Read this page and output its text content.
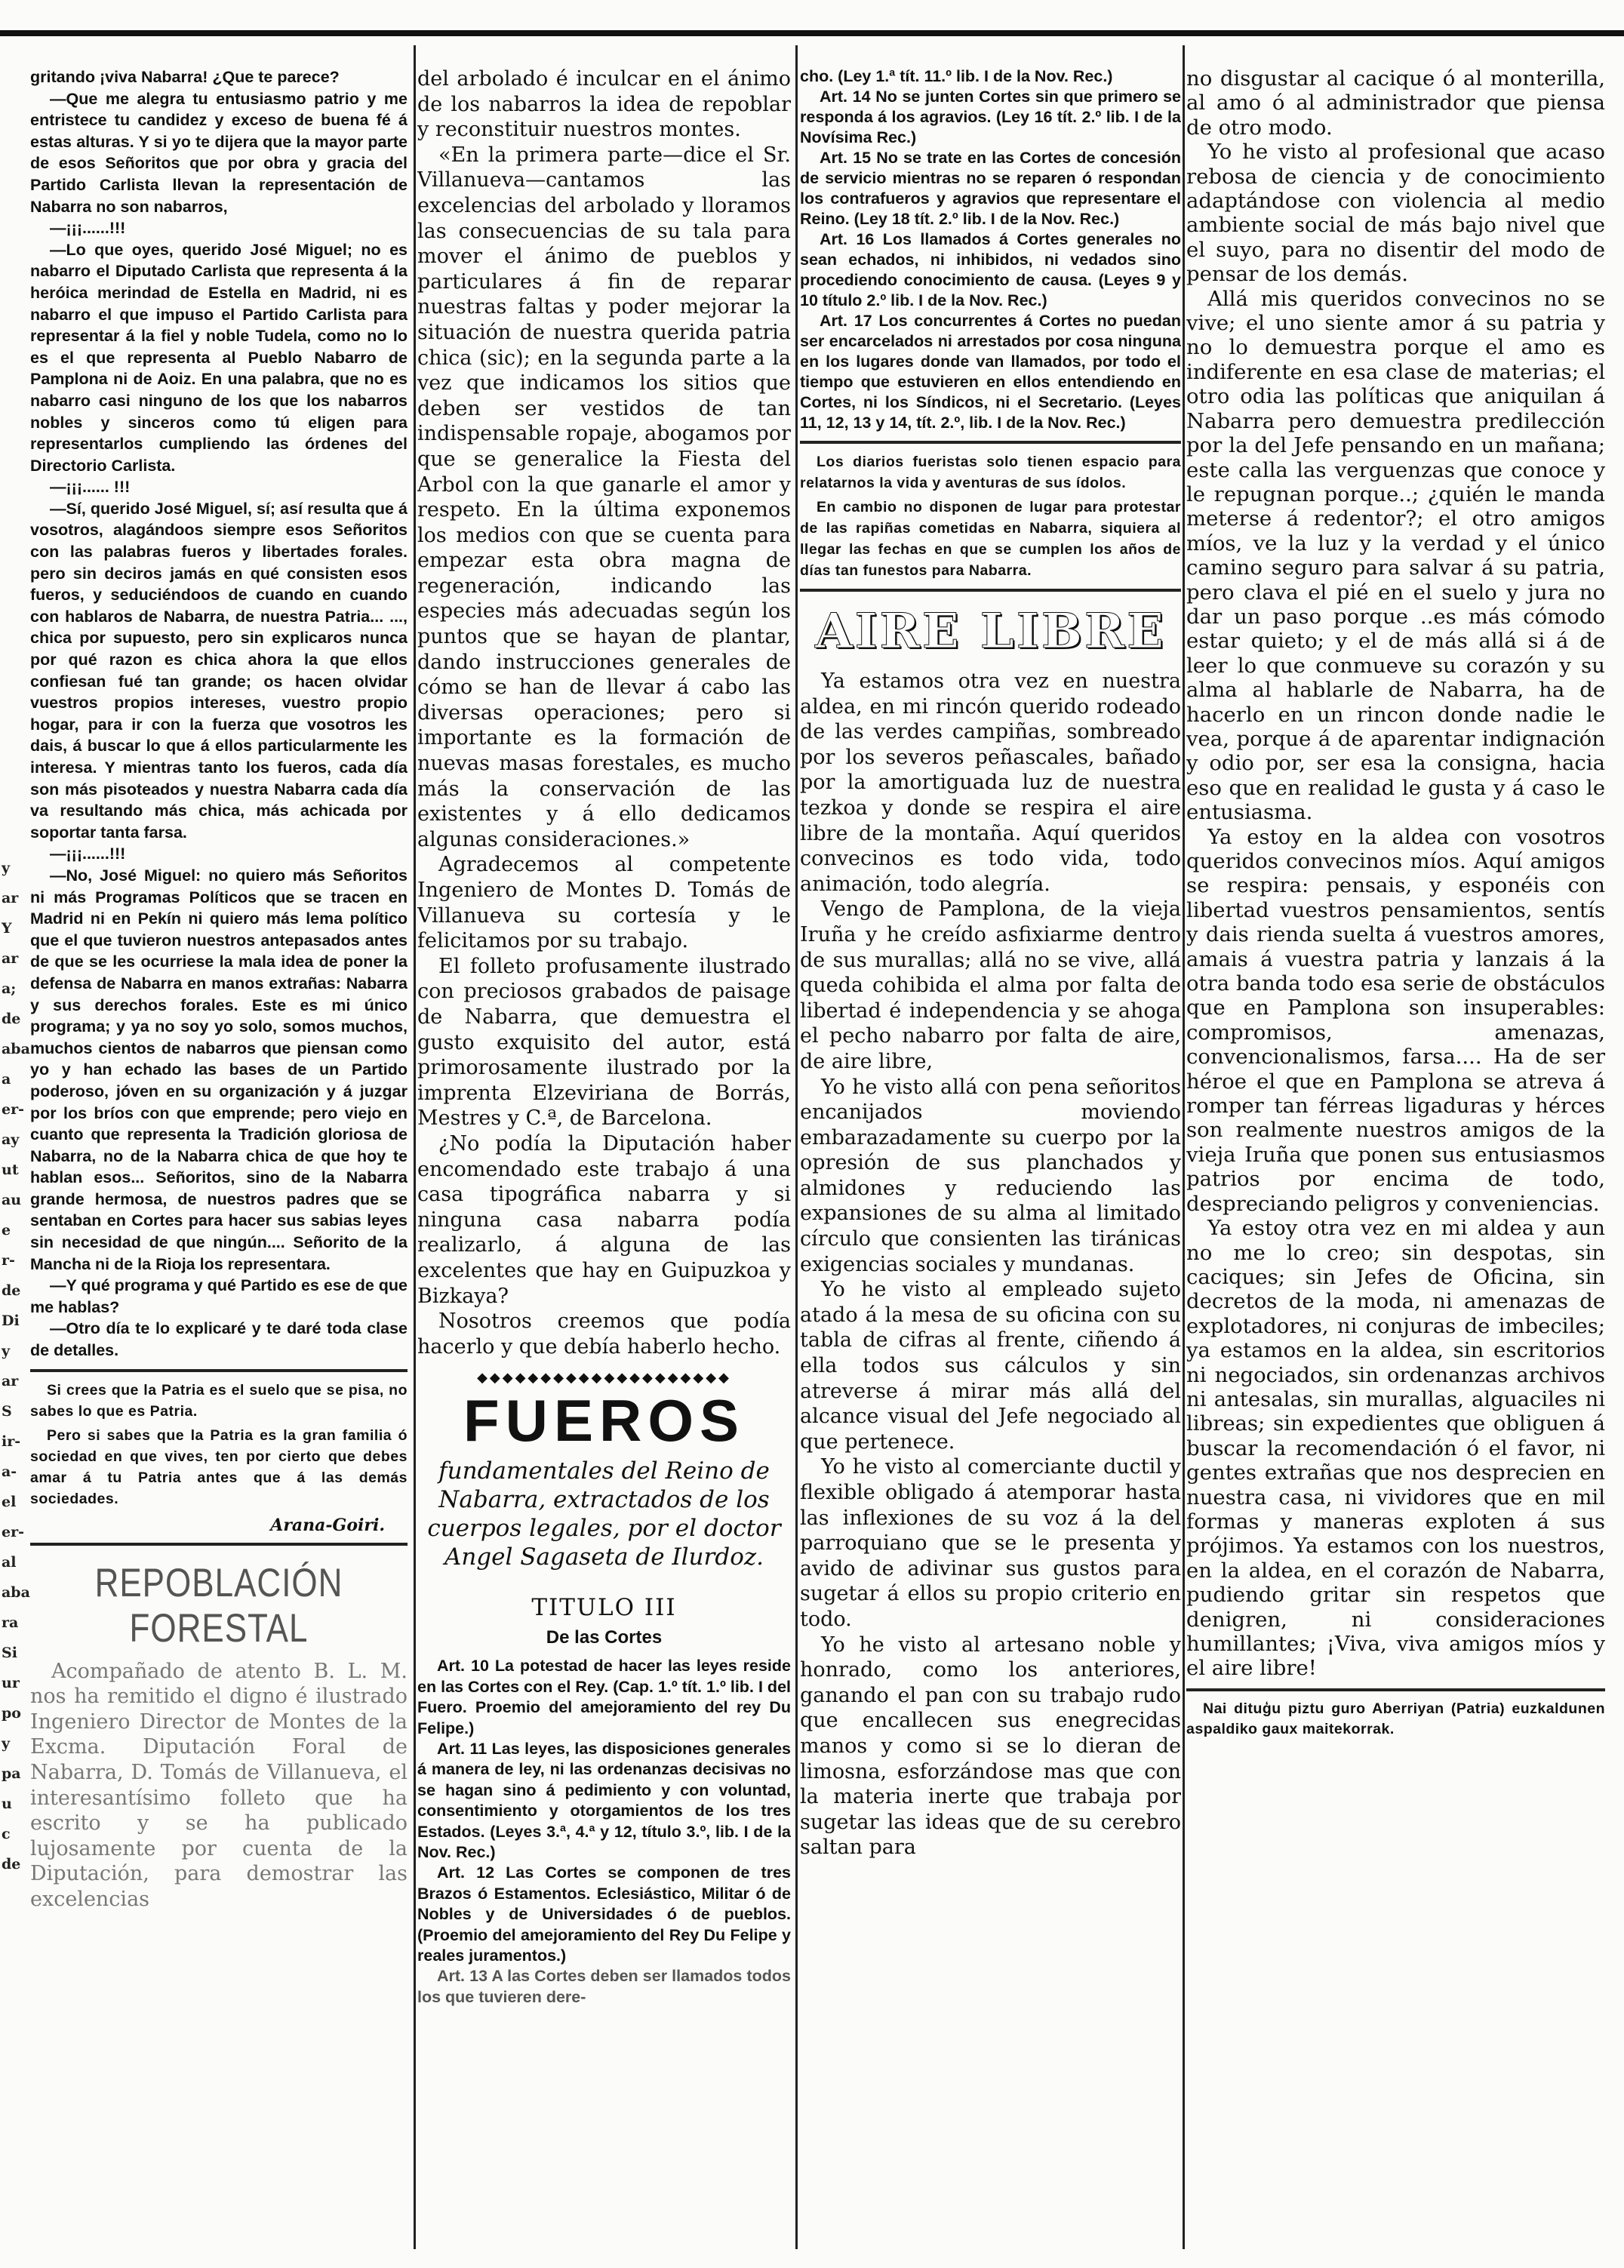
y
ar
Y
ar
a;
de
aba
a
er-
ay
ut
au
e
r-
de
Di
y
ar
S
ir-
a-
el
er-
al
aba
ra
Si
ur
po
y
pa
u
c
de

gritando ¡viva Nabarra! ¿Que te parece?

—Que me alegra tu entusiasmo patrio y me entristece tu candidez y exceso de buena fé á estas alturas. Y si yo te dijera que la mayor parte de esos Señoritos que por obra y gracia del Partido Carlista llevan la representación de Nabarra no son nabarros,

—¡¡¡......!!!

—Lo que oyes, querido José Miguel; no es nabarro el Diputado Carlista que representa á la heróica merindad de Estella en Madrid, ni es nabarro el que impuso el Partido Carlista para representar á la fiel y noble Tudela, como no lo es el que representa al Pueblo Nabarro de Pamplona ni de Aoiz. En una palabra, que no es nabarro casi ninguno de los que los nabarros nobles y sinceros como tú eligen para representarlos cumpliendo las órdenes del Directorio Carlista.

—¡¡¡...... !!!

—Sí, querido José Miguel, sí; así resulta que á vosotros, alagándoos siempre esos Señoritos con las palabras fueros y libertades forales. pero sin deciros jamás en qué consisten esos fueros, y seduciéndoos de cuando en cuando con hablaros de Nabarra, de nuestra Patria... ..., chica por supuesto, pero sin explicaros nunca por qué razon es chica ahora la que ellos confiesan fué tan grande; os hacen olvidar vuestros propios intereses, vuestro propio hogar, para ir con la fuerza que vosotros les dais, á buscar lo que á ellos particularmente les interesa. Y mientras tanto los fueros, cada día son más pisoteados y nuestra Nabarra cada día va resultando más chica, más achicada por soportar tanta farsa.

—¡¡¡......!!!

—No, José Miguel: no quiero más Señoritos ni más Programas Políticos que se tracen en Madrid ni en Pekín ni quiero más lema político que el que tuvieron nuestros antepasados antes de que se les ocurriese la mala idea de poner la defensa de Nabarra en manos extrañas: Nabarra y sus derechos forales. Este es mi único programa; y ya no soy yo solo, somos muchos, muchos cientos de nabarros que piensan como yo y han echado las bases de un Partido poderoso, jóven en su organización y á juzgar por los bríos con que emprende; pero viejo en cuanto que representa la Tradición gloriosa de Nabarra, no de la Nabarra chica de que hoy te hablan esos... Señoritos, sino de la Nabarra grande hermosa, de nuestros padres que se sentaban en Cortes para hacer sus sabias leyes sin necesidad de que ningún.... Señorito de la Mancha ni de la Rioja los representara.

—Y qué programa y qué Partido es ese de que me hablas?

—Otro día te lo explicaré y te daré toda clase de detalles.

Si crees que la Patria es el suelo que se pisa, no sabes lo que es Patria.

Pero si sabes que la Patria es la gran familia ó sociedad en que vives, ten por cierto que debes amar á tu Patria antes que á las demás sociedades.

Arana-Goiri.
REPOBLACIÓN FORESTAL

Acompañado de atento B. L. M. nos ha remitido el digno é ilustrado Ingeniero Director de Montes de la Excma. Diputación Foral de Nabarra, D. Tomás de Villanueva, el interesantísimo folleto que ha escrito y se ha publicado lujosamente por cuenta de la Diputación, para demostrar las excelencias

del arbolado é inculcar en el ánimo de los nabarros la idea de repoblar y reconstituir nuestros montes.

«En la primera parte—dice el Sr. Villanueva—cantamos las excelencias del arbolado y lloramos las consecuencias de su tala para mover el ánimo de pueblos y particulares á fin de reparar nuestras faltas y poder mejorar la situación de nuestra querida patria chica (sic); en la segunda parte a la vez que indicamos los sitios que deben ser vestidos de tan indispensable ropaje, abogamos por que se generalice la Fiesta del Arbol con la que ganarle el amor y respeto. En la última exponemos los medios con que se cuenta para empezar esta obra magna de regeneración, indicando las especies más adecuadas según los puntos que se hayan de plantar, dando instrucciones generales de cómo se han de llevar á cabo las diversas operaciones; pero si importante es la formación de nuevas masas forestales, es mucho más la conservación de las existentes y á ello dedicamos algunas consideraciones.»

Agradecemos al competente Ingeniero de Montes D. Tomás de Villanueva su cortesía y le felicitamos por su trabajo.

El folleto profusamente ilustrado con preciosos grabados de paisage de Nabarra, que demuestra el gusto exquisito del autor, está primorosamente ilustrado por la imprenta Elzeviriana de Borrás, Mestres y C.ª, de Barcelona.

¿No podía la Diputación haber encomendado este trabajo á una casa tipográfica nabarra y si ninguna casa nabarra podía realizarlo, á alguna de las excelentes que hay en Guipuzkoa y Bizkaya?

Nosotros creemos que podía hacerlo y que debía haberlo hecho.

◆◆◆◆◆◆◆◆◆◆◆◆◆◆◆◆◆◆◆◆
FUEROS
fundamentales del Reino de Nabarra, extractados de los cuerpos legales, por el doctor Angel Sagaseta de Ilurdoz.
TITULO III
De las Cortes

Art. 10 La potestad de hacer las leyes reside en las Cortes con el Rey. (Cap. 1.º tít. 1.º lib. I del Fuero. Proemio del amejoramiento del rey Du Felipe.)

Art. 11 Las leyes, las disposiciones generales á manera de ley, ni las ordenanzas decisivas no se hagan sino á pedimiento y con voluntad, consentimiento y otorgamientos de los tres Estados. (Leyes 3.ª, 4.ª y 12, título 3.º, lib. I de la Nov. Rec.)

Art. 12 Las Cortes se componen de tres Brazos ó Estamentos. Eclesiástico, Militar ó de Nobles y de Universidades ó de pueblos. (Proemio del amejoramiento del Rey Du Felipe y reales juramentos.)

Art. 13 A las Cortes deben ser llamados todos los que tuvieren dere-

cho. (Ley 1.ª tít. 11.º lib. I de la Nov. Rec.)

Art. 14 No se junten Cortes sin que primero se responda á los agravios. (Ley 16 tít. 2.º lib. I de la Novísima Rec.)

Art. 15 No se trate en las Cortes de concesión de servicio mientras no se reparen ó respondan los contrafueros y agravios que representare el Reino. (Ley 18 tít. 2.º lib. I de la Nov. Rec.)

Art. 16 Los llamados á Cortes generales no sean echados, ni inhibidos, ni vedados sino procediendo conocimiento de causa. (Leyes 9 y 10 título 2.º lib. I de la Nov. Rec.)

Art. 17 Los concurrentes á Cortes no puedan ser encarcelados ni arrestados por cosa ninguna en los lugares donde van llamados, por todo el tiempo que estuvieren en ellos entendiendo en Cortes, ni los Síndicos, ni el Secretario. (Leyes 11, 12, 13 y 14, tít. 2.º, lib. I de la Nov. Rec.)

Los diarios fueristas solo tienen espacio para relatarnos la vida y aventuras de sus ídolos.

En cambio no disponen de lugar para protestar de las rapiñas cometidas en Nabarra, siquiera al llegar las fechas en que se cumplen los años de días tan funestos para Nabarra.

AIRE LIBRE

Ya estamos otra vez en nuestra aldea, en mi rincón querido rodeado de las verdes campiñas, sombreado por los severos peñascales, bañado por la amortiguada luz de nuestra tezkoa y donde se respira el aire libre de la montaña. Aquí queridos convecinos es todo vida, todo animación, todo alegría.

Vengo de Pamplona, de la vieja Iruña y he creído asfixiarme dentro de sus murallas; allá no se vive, allá queda cohibida el alma por falta de libertad é independencia y se ahoga el pecho nabarro por falta de aire, de aire libre,

Yo he visto allá con pena señoritos encanijados moviendo embarazadamente su cuerpo por la opresión de sus planchados y almidones y reduciendo las expansiones de su alma al limitado círculo que consienten las tiránicas exigencias sociales y mundanas.

Yo he visto al empleado sujeto atado á la mesa de su oficina con su tabla de cifras al frente, ciñendo á ella todos sus cálculos y sin atreverse á mirar más allá del alcance visual del Jefe negociado al que pertenece.

Yo he visto al comerciante ductil y flexible obligado á atemporar hasta las inflexiones de su voz á la del parroquiano que se le presenta y avido de adivinar sus gustos para sugetar á ellos su propio criterio en todo.

Yo he visto al artesano noble y honrado, como los anteriores, ganando el pan con su trabajo rudo que encallecen sus enegrecidas manos y como si se lo dieran de limosna, esforzándose mas que con la materia inerte que trabaja por sugetar las ideas que de su cerebro saltan para

no disgustar al cacique ó al monterilla, al amo ó al administrador que piensa de otro modo.

Yo he visto al profesional que acaso rebosa de ciencia y de conocimiento adaptándose con violencia al medio ambiente social de más bajo nivel que el suyo, para no disentir del modo de pensar de los demás.

Allá mis queridos convecinos no se vive; el uno siente amor á su patria y no lo demuestra porque el amo es indiferente en esa clase de materias; el otro odia las políticas que aniquilan á Nabarra pero demuestra predilección por la del Jefe pensando en un mañana; este calla las verguenzas que conoce y le repugnan porque..; ¿quién le manda meterse á redentor?; el otro amigos míos, ve la luz y la verdad y el único camino seguro para salvar á su patria, pero clava el pié en el suelo y jura no dar un paso porque ..es más cómodo estar quieto; y el de más allá si á de leer lo que conmueve su corazón y su alma al hablarle de Nabarra, ha de hacerlo en un rincon donde nadie le vea, porque á de aparentar indignación y odio por, ser esa la consigna, hacia eso que en realidad le gusta y á caso le entusiasma.

Ya estoy en la aldea con vosotros queridos convecinos míos. Aquí amigos se respira: pensais, y esponéis con libertad vuestros pensamientos, sentís y dais rienda suelta á vuestros amores, amais á vuestra patria y lanzais á la otra banda todo esa serie de obstáculos que en Pamplona son insuperables: compromisos, amenazas, convencionalismos, farsa.... Ha de ser héroe el que en Pamplona se atreva á romper tan férreas ligaduras y hérces son realmente nuestros amigos de la vieja Iruña que ponen sus entusiasmos patrios por encima de todo, despreciando peligros y conveniencias.

Ya estoy otra vez en mi aldea y aun no me lo creo; sin despotas, sin caciques; sin Jefes de Oficina, sin decretos de la moda, ni amenazas de explotadores, ni conjuras de imbeciles; ya estamos en la aldea, sin escritorios ni negociados, sin ordenanzas archivos ni antesalas, sin murallas, alguaciles ni libreas; sin expedientes que obliguen á buscar la recomendación ó el favor, ni gentes extrañas que nos desprecien en nuestra casa, ni vividores que en mil formas y maneras exploten á sus prójimos. Ya estamos con los nuestros, en la aldea, en el corazón de Nabarra, pudiendo gritar sin respetos que denigren, ni consideraciones humillantes; ¡Viva, viva amigos míos y el aire libre!

Nai dituģu piztu guro Aberriyan (Patria) euzkaldunen aspaldiko gaux maitekorrak.
